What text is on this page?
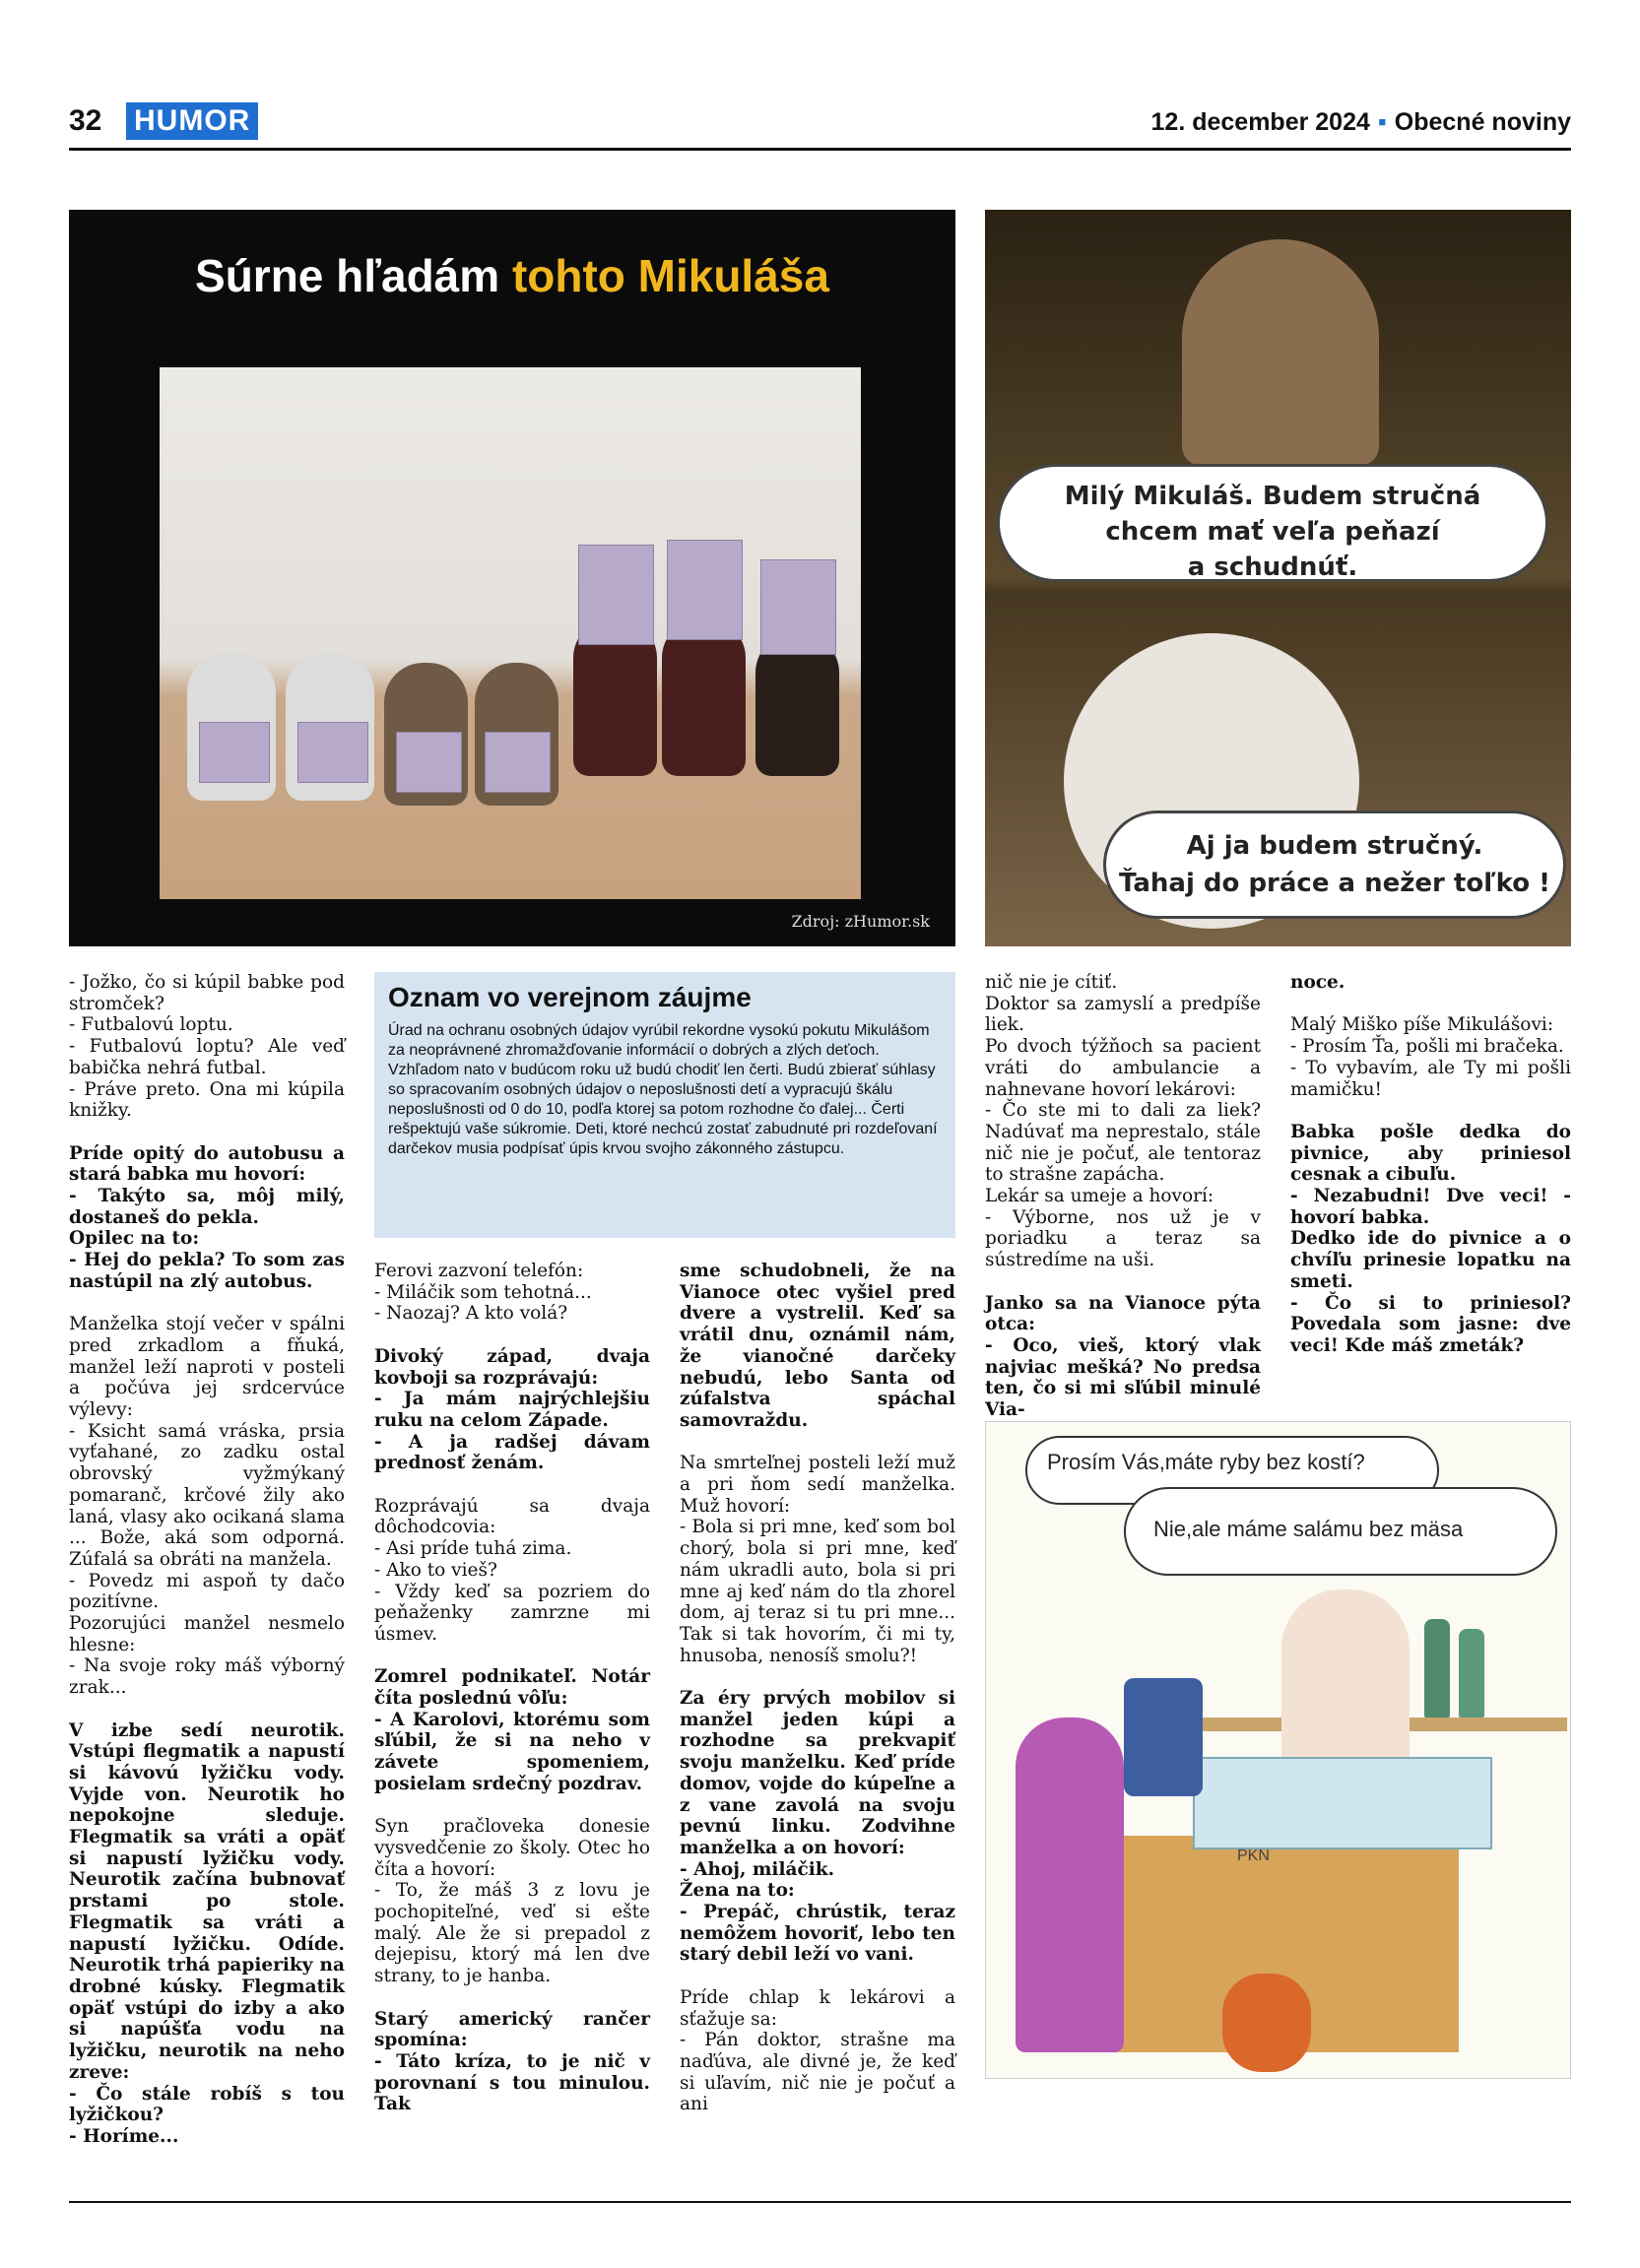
32 HUMOR	12. december 2024 ▪ Obecné noviny
Súrne hľadám tohto Mikuláša
Zdroj: zHumor.sk
Milý Mikuláš. Budem stručná
chcem mať veľa peňazí
a schudnúť.
Aj ja budem stručný.
Ťahaj do práce a nežer toľko !
Oznam vo verejnom záujme
Úrad na ochranu osobných údajov vyrúbil rekordne vysokú pokutu Mikulášom za neoprávnené zhromažďovanie informácií o dobrých a zlých deťoch. Vzhľadom nato v budúcom roku už budú chodiť len čerti. Budú zbierať súhlasy so spracovaním osobných údajov o neposlušnosti detí a vypracujú škálu neposlušnosti od 0 do 10, podľa ktorej sa potom rozhodne čo ďalej... Čerti rešpektujú vaše súkromie. Deti, ktoré nechcú zostať zabudnuté pri rozdeľovaní darčekov musia podpísať úpis krvou svojho zákonného zástupcu.

- Jožko, čo si kúpil babke pod stromček?
- Futbalovú loptu.
- Futbalovú loptu? Ale veď babička nehrá futbal.
- Práve preto. Ona mi kúpila knižky.

Príde opitý do autobusu a stará babka mu hovorí:
- Takýto sa, môj milý, dostaneš do pekla.
Opilec na to:
- Hej do pekla? To som zas nastúpil na zlý autobus.

Manželka stojí večer v spálni pred zrkadlom a fňuká, manžel leží naproti v posteli a počúva jej srdcervúce výlevy:
- Ksicht samá vráska, prsia vyťahané, zo zadku ostal obrovský vyžmýkaný pomaranč, krčové žily ako laná, vlasy ako ocikaná slama ... Bože, aká som odporná. Zúfalá sa obráti na manžela.
- Povedz mi aspoň ty dačo pozitívne.
Pozorujúci manžel nesmelo hlesne:
- Na svoje roky máš výborný zrak...

V izbe sedí neurotik. Vstúpi flegmatik a napustí si kávovú lyžičku vody. Vyjde von. Neurotik ho nepokojne sleduje. Flegmatik sa vráti a opäť si napustí lyžičku vody. Neurotik začína bubnovať prstami po stole. Flegmatik sa vráti a napustí lyžičku. Odíde. Neurotik trhá papieriky na drobné kúsky. Flegmatik opäť vstúpi do izby a ako si napúšťa vodu na lyžičku, neurotik na neho zreve:
- Čo stále robíš s tou lyžičkou?
- Horíme...

Ferovi zazvoní telefón:
- Miláčik som tehotná...
- Naozaj? A kto volá?

Divoký západ, dvaja kovboji sa rozprávajú:
- Ja mám najrýchlejšiu ruku na celom Západe.
- A ja radšej dávam prednosť ženám.

Rozprávajú sa dvaja dôchodcovia:
- Asi príde tuhá zima.
- Ako to vieš?
- Vždy keď sa pozriem do peňaženky zamrzne mi úsmev.

Zomrel podnikateľ. Notár číta poslednú vôľu:
- A Karolovi, ktorému som sľúbil, že si na neho v závete spomeniem, posielam srdečný pozdrav.

Syn pračloveka donesie vysvedčenie zo školy. Otec ho číta a hovorí:
- To, že máš 3 z lovu je pochopiteľné, veď si ešte malý. Ale že si prepadol z dejepisu, ktorý má len dve strany, to je hanba.

Starý americký rančer spomína:
- Táto kríza, to je nič v porovnaní s tou minulou. Tak

sme schudobneli, že na Vianoce otec vyšiel pred dvere a vystrelil. Keď sa vrátil dnu, oznámil nám, že vianočné darčeky nebudú, lebo Santa od zúfalstva spáchal samovraždu.

Na smrteľnej posteli leží muž a pri ňom sedí manželka. Muž hovorí:
- Bola si pri mne, keď som bol chorý, bola si pri mne, keď nám ukradli auto, bola si pri mne aj keď nám do tla zhorel dom, aj teraz si tu pri mne... Tak si tak hovorím, či mi ty, hnusoba, nenosíš smolu?!

Za éry prvých mobilov si manžel jeden kúpi a rozhodne sa prekvapiť svoju manželku. Keď príde domov, vojde do kúpeľne a z vane zavolá na svoju pevnú linku. Zodvihne manželka a on hovorí:
- Ahoj, miláčik.
Žena na to:
- Prepáč, chrústik, teraz nemôžem hovoriť, lebo ten starý debil leží vo vani.

Príde chlap k lekárovi a sťažuje sa:
- Pán doktor, strašne ma naďúva, ale divné je, že keď si uľavím, nič nie je počuť a ani

nič nie je cítiť.
Doktor sa zamyslí a predpíše liek.
Po dvoch týžňoch sa pacient vráti do ambulancie a nahnevane hovorí lekárovi:
- Čo ste mi to dali za liek? Nadúvať ma neprestalo, stále nič nie je počuť, ale tentoraz to strašne zapácha.
Lekár sa umeje a hovorí:
- Výborne, nos už je v poriadku a teraz sa sústredíme na uši.

Janko sa na Vianoce pýta otca:
- Oco, vieš, ktorý vlak najviac mešká? No predsa ten, čo si mi sľúbil minulé Via-

noce.

Malý Miško píše Mikulášovi:
- Prosím Ťa, pošli mi bračeka.
- To vybavím, ale Ty mi pošli mamičku!

Babka pošle dedka do pivnice, aby priniesol cesnak a cibuľu.
- Nezabudni! Dve veci! - hovorí babka.
Dedko ide do pivnice a o chvíľu prinesie lopatku na smeti.
- Čo si to priniesol? Povedala som jasne: dve veci! Kde máš zmeták?

Prosím Vás,máte ryby bez kostí?
Nie,ale máme salámu bez mäsa
PKN
